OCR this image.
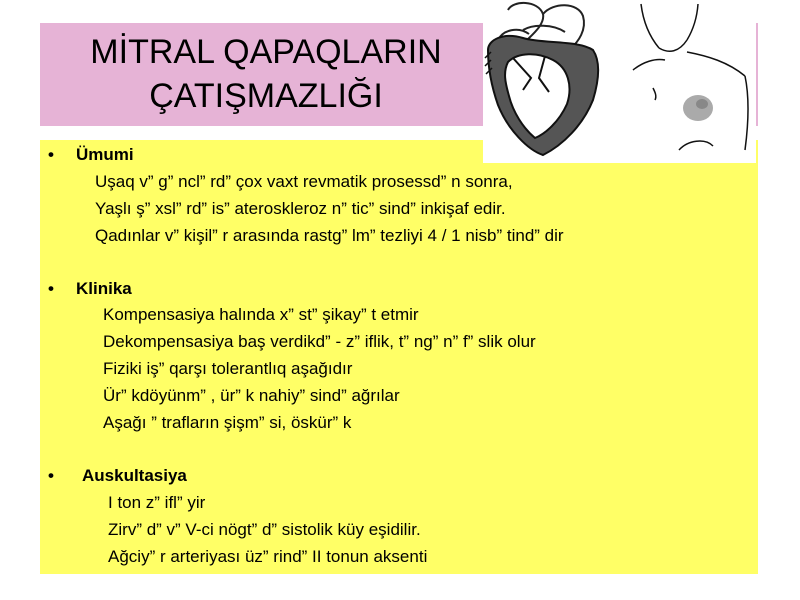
MİTRAL QAPAQLARIN
ÇATIŞMAZLIĞI
• Ümumi
Uşaq v” g” ncl” rd” çox vaxt revmatik prosessd” n sonra,
Yaşlı ş” xsl” rd” is” ateroskleroz n” tic” sind” inkişaf edir.
Qadınlar v” kişil” r arasında rastg” lm” tezliyi 4 / 1 nisb” tind” dir
• Klinika
Kompensasiya halında x” st” şikay” t etmir
Dekompensasiya baş verdikd” - z” iflik, t” ng” n” f” slik olur
Fiziki iş” qarşı tolerantlıq aşağıdır
Ür” kdöyünm” , ür” k nahiy” sind” ağrılar
Aşağı ” trafların şişm” si, öskür” k
• Auskultasiya
I ton z” ifl” yir
Zirv” d” v” V-ci nögt” d” sistolik küy eşidilir.
Ağciy” r arteriyası üz” rind” II tonun aksenti
